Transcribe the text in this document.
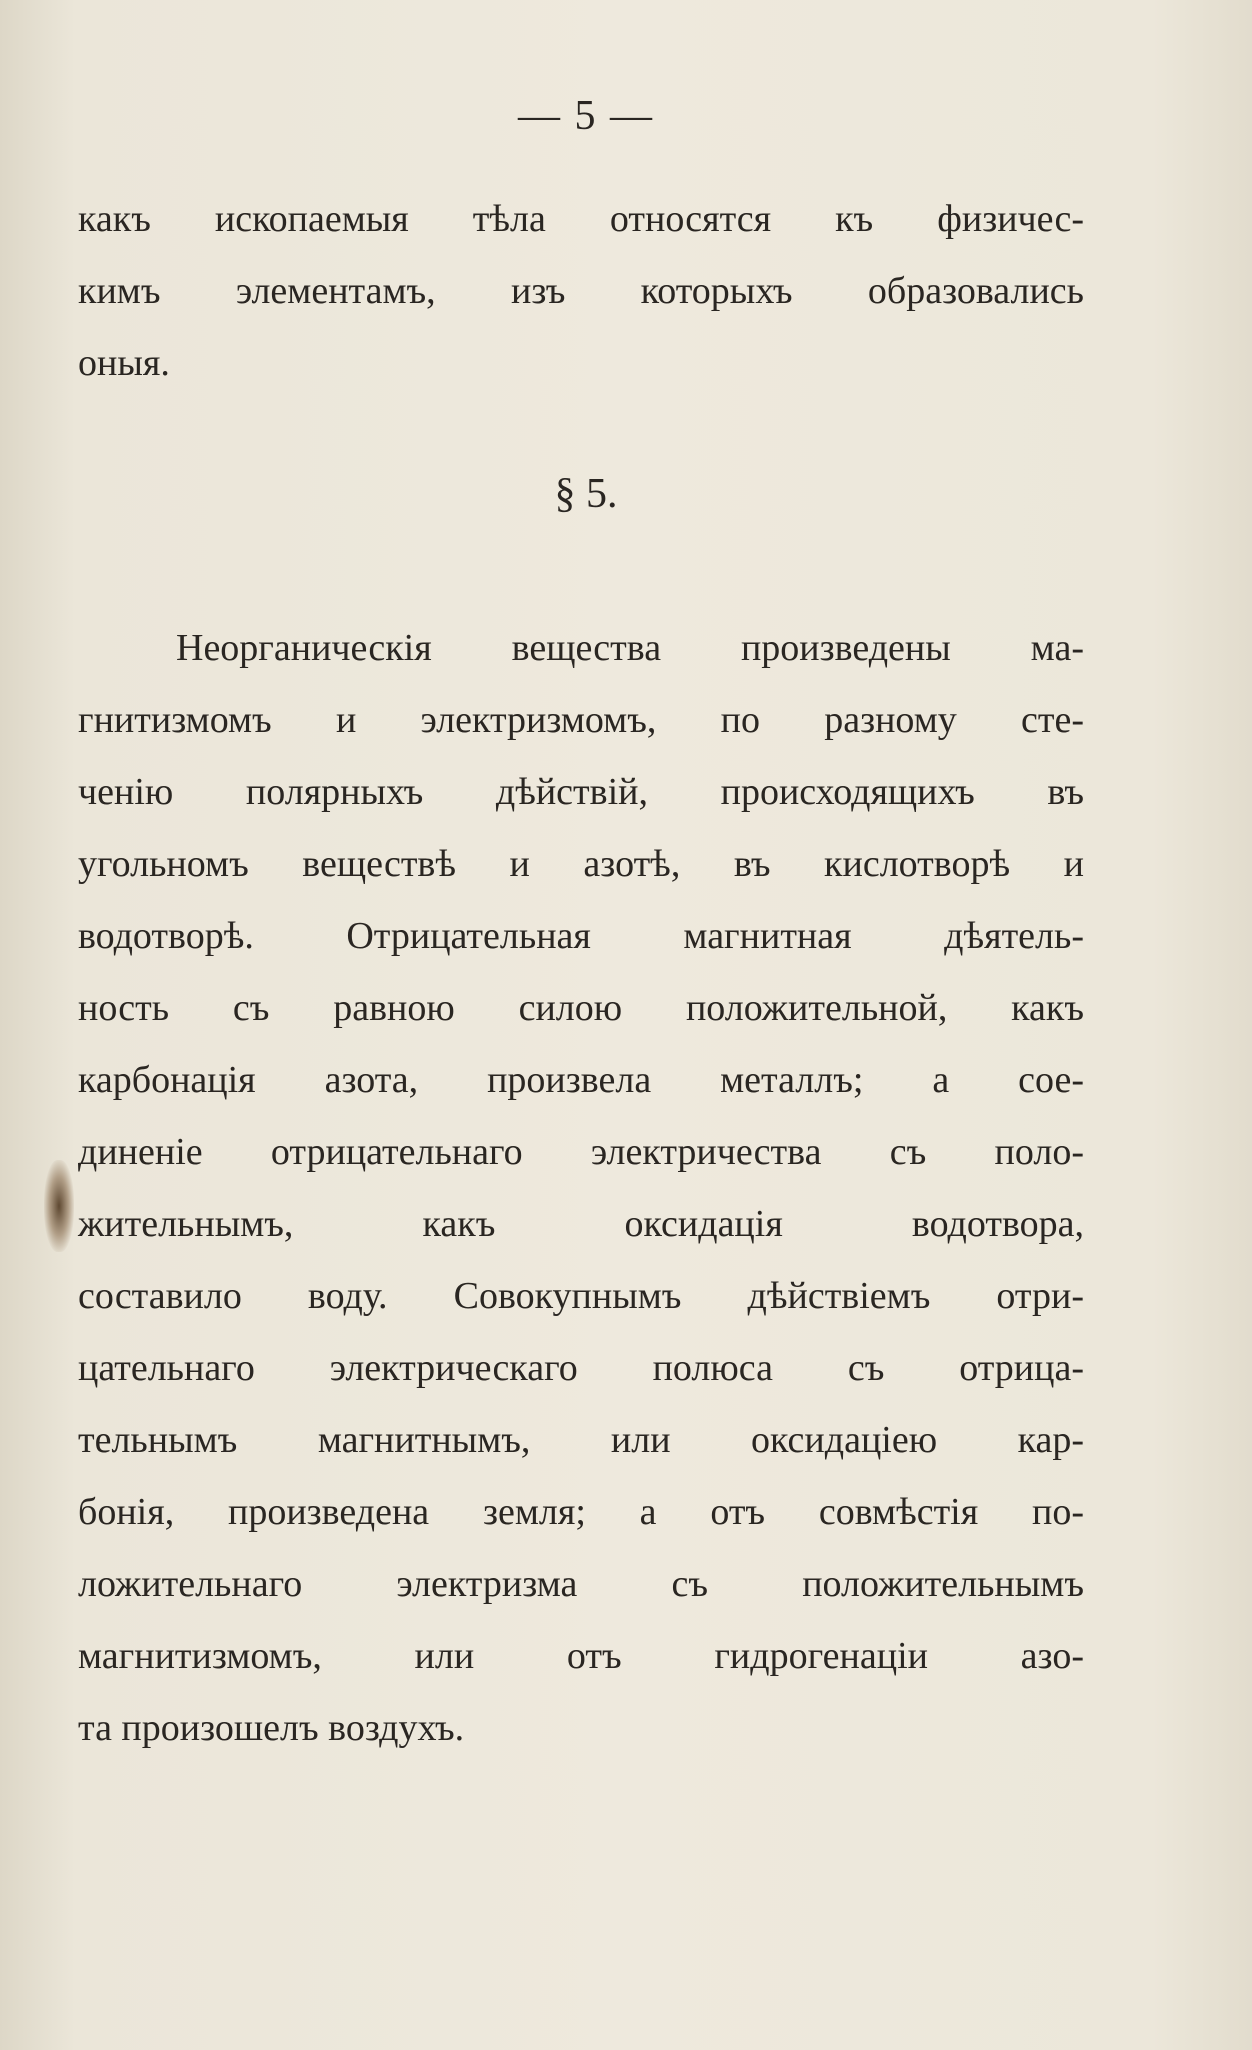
— 5 —
какъ ископаемыя тѣла относятся къ физичес-
кимъ элементамъ, изъ которыхъ образовались
оныя.
§ 5.
Неорганическія вещества произведены ма-
гнитизмомъ и электризмомъ, по разному сте-
ченію полярныхъ дѣйствій, происходящихъ въ
угольномъ веществѣ и азотѣ, въ кислотворѣ и
водотворѣ. Отрицательная магнитная дѣятель-
ность съ равною силою положительной, какъ
карбонація азота, произвела металлъ; а сое-
диненіе отрицательнаго электричества съ поло-
жительнымъ, какъ оксидація водотвора,
составило воду. Совокупнымъ дѣйствіемъ отри-
цательнаго электрическаго полюса съ отрица-
тельнымъ магнитнымъ, или оксидаціею кар-
бонія, произведена земля; а отъ совмѣстія по-
ложительнаго электризма съ положительнымъ
магнитизмомъ, или отъ гидрогенаціи азо-
та произошелъ воздухъ.
